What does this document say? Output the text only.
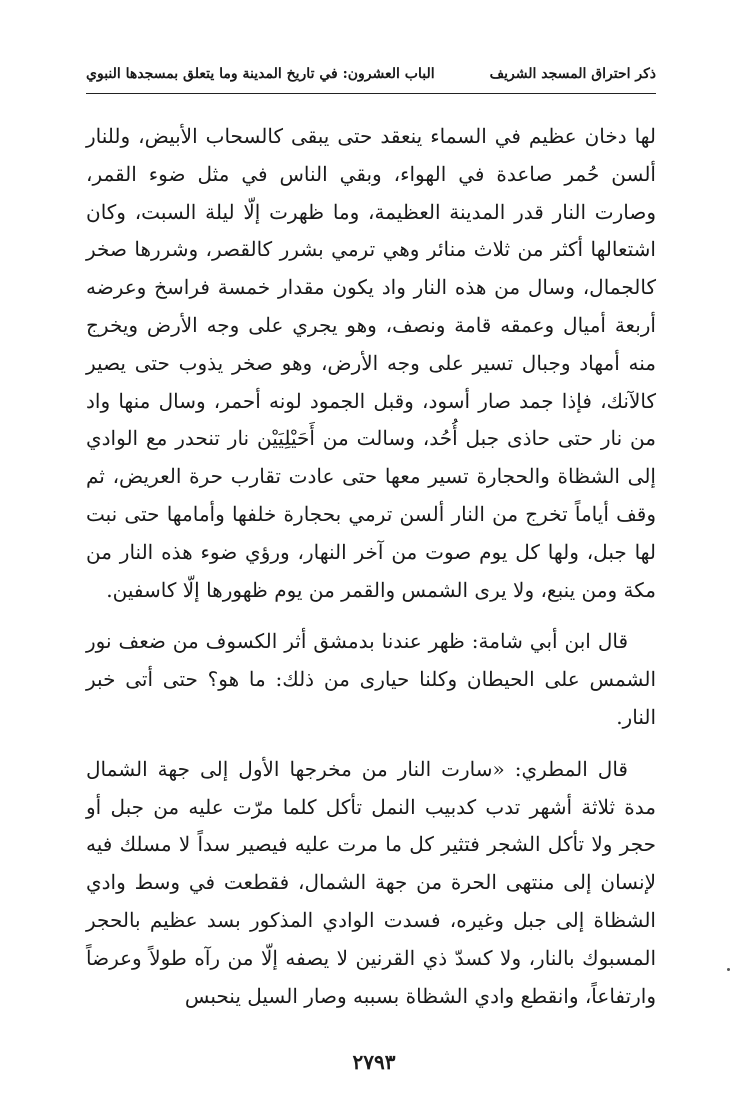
ذكر احتراق المسجد الشريف
الباب العشرون: في تاريخ المدينة وما يتعلق بمسجدها النبوي

لها دخان عظيم في السماء ينعقد حتى يبقى كالسحاب الأبيض، وللنار ألسن حُمر صاعدة في الهواء، وبقي الناس في مثل ضوء القمر، وصارت النار قدر المدينة العظيمة، وما ظهرت إلّا ليلة السبت، وكان اشتعالها أكثر من ثلاث منائر وهي ترمي بشرر كالقصر، وشررها صخر كالجمال، وسال من هذه النار واد يكون مقدار خمسة فراسخ وعرضه أربعة أميال وعمقه قامة ونصف، وهو يجري على وجه الأرض ويخرج منه أمهاد وجبال تسير على وجه الأرض، وهو صخر يذوب حتى يصير كالآنك، فإذا جمد صار أسود، وقبل الجمود لونه أحمر، وسال منها واد من نار حتى حاذى جبل أُحُد، وسالت من أَحَيْلِيَيْن نار تنحدر مع الوادي إلى الشظاة والحجارة تسير معها حتى عادت تقارب حرة العريض، ثم وقف أياماً تخرج من النار ألسن ترمي بحجارة خلفها وأمامها حتى نبت لها جبل، ولها كل يوم صوت من آخر النهار، ورؤي ضوء هذه النار من مكة ومن ينبع، ولا يرى الشمس والقمر من يوم ظهورها إلّا كاسفين.

قال ابن أبي شامة: ظهر عندنا بدمشق أثر الكسوف من ضعف نور الشمس على الحيطان وكلنا حيارى من ذلك: ما هو؟ حتى أتى خبر النار.

قال المطري: «سارت النار من مخرجها الأول إلى جهة الشمال مدة ثلاثة أشهر تدب كدبيب النمل تأكل كلما مرّت عليه من جبل أو حجر ولا تأكل الشجر فتثير كل ما مرت عليه فيصير سداً لا مسلك فيه لإنسان إلى منتهى الحرة من جهة الشمال، فقطعت في وسط وادي الشظاة إلى جبل وغيره، فسدت الوادي المذكور بسد عظيم بالحجر المسبوك بالنار، ولا كسدّ ذي القرنين لا يصفه إلّا من رآه طولاً وعرضاً وارتفاعاً، وانقطع وادي الشظاة بسببه وصار السيل ينحبس

٢٧٩٣
